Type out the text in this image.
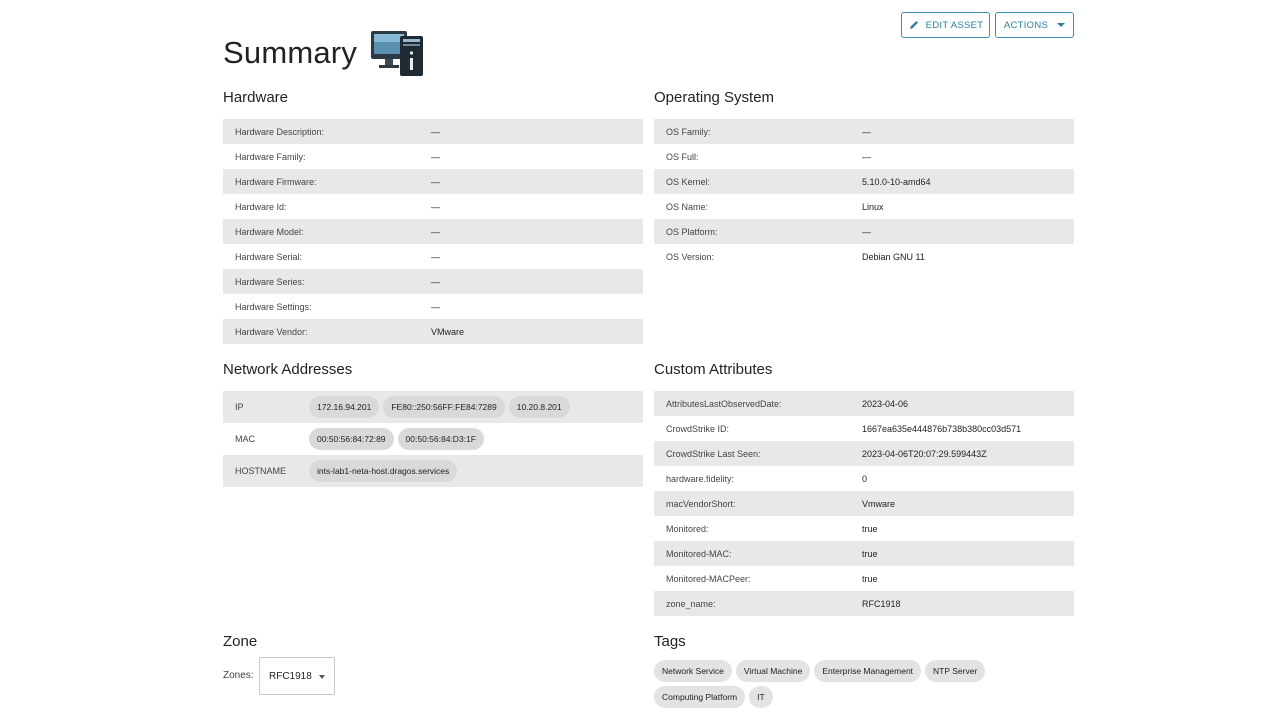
Summary
EDIT ASSET ACTIONS
Hardware
Hardware Description:	—
Hardware Family:	—
Hardware Firmware:	—
Hardware Id:	—
Hardware Model:	—
Hardware Serial:	—
Hardware Series:	—
Hardware Settings:	—
Hardware Vendor:	VMware
Operating System
OS Family:	—
OS Full:	—
OS Kernel:	5.10.0-10-amd64
OS Name:	Linux
OS Platform:	—
OS Version:	Debian GNU 11
Network Addresses
IP	172.16.94.201	FE80::250:56FF:FE84:7289	10.20.8.201
MAC	00:50:56:84:72:89	00:50:56:84:D3:1F
HOSTNAME	ints-lab1-neta-host.dragos.services
Custom Attributes
AttributesLastObservedDate:	2023-04-06
CrowdStrike ID:	1667ea635e444876b738b380cc03d571
CrowdStrike Last Seen:	2023-04-06T20:07:29.599443Z
hardware.fidelity:	0
macVendorShort:	Vmware
Monitored:	true
Monitored-MAC:	true
Monitored-MACPeer:	true
zone_name:	RFC1918
Zone
Zones: RFC1918
Tags
Network Service	Virtual Machine	Enterprise Management	NTP Server
Computing Platform	IT
